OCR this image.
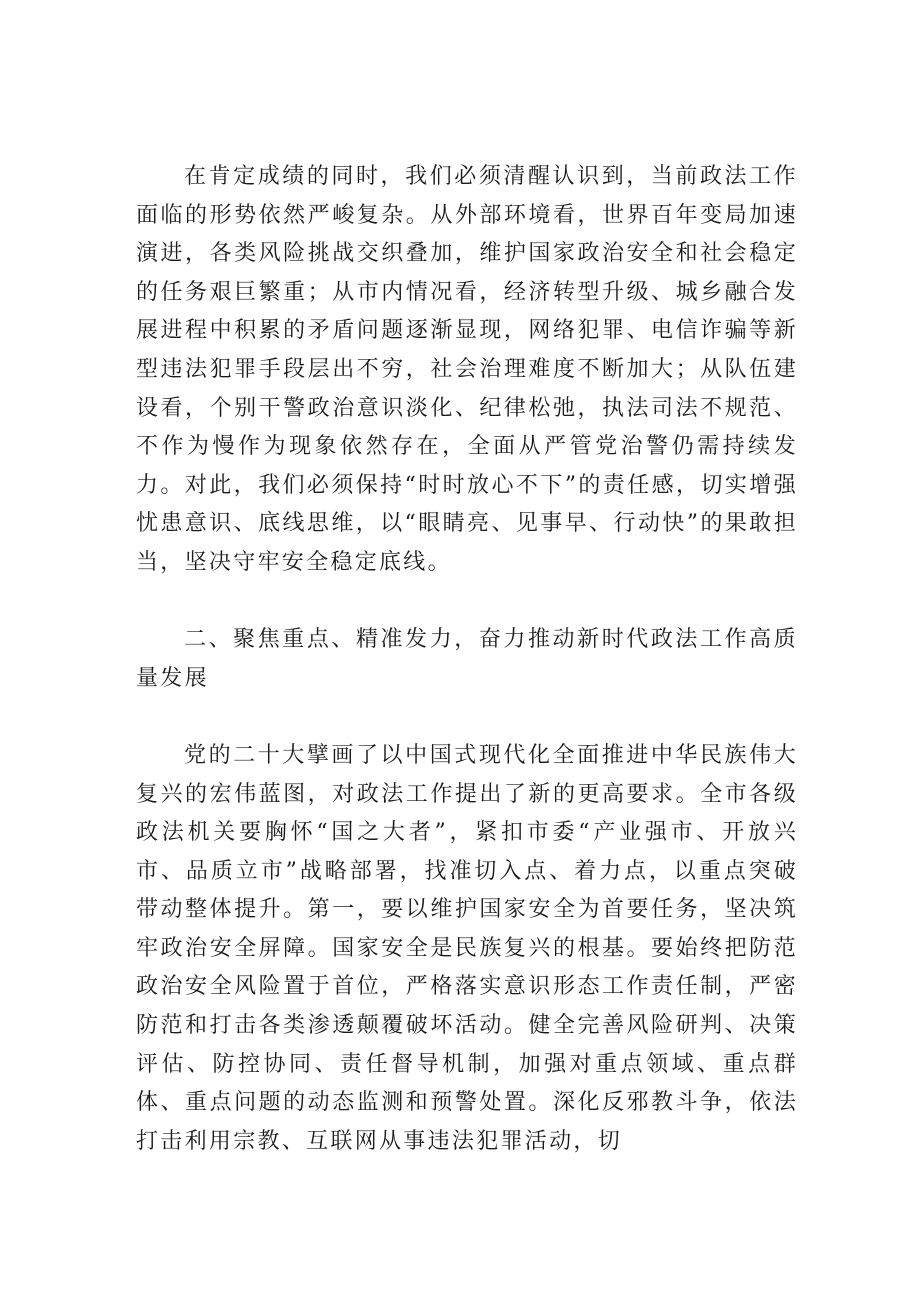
在肯定成绩的同时，我们必须清醒认识到，当前政法工作面临的形势依然严峻复杂。从外部环境看，世界百年变局加速演进，各类风险挑战交织叠加，维护国家政治安全和社会稳定的任务艰巨繁重；从市内情况看，经济转型升级、城乡融合发展进程中积累的矛盾问题逐渐显现，网络犯罪、电信诈骗等新型违法犯罪手段层出不穷，社会治理难度不断加大；从队伍建设看，个别干警政治意识淡化、纪律松弛，执法司法不规范、不作为慢作为现象依然存在，全面从严管党治警仍需持续发力。对此，我们必须保持“时时放心不下”的责任感，切实增强忧患意识、底线思维，以“眼睛亮、见事早、行动快”的果敢担当，坚决守牢安全稳定底线。

二、聚焦重点、精准发力，奋力推动新时代政法工作高质量发展

党的二十大擘画了以中国式现代化全面推进中华民族伟大复兴的宏伟蓝图，对政法工作提出了新的更高要求。全市各级政法机关要胸怀“国之大者”，紧扣市委“产业强市、开放兴市、品质立市”战略部署，找准切入点、着力点，以重点突破带动整体提升。第一，要以维护国家安全为首要任务，坚决筑牢政治安全屏障。国家安全是民族复兴的根基。要始终把防范政治安全风险置于首位，严格落实意识形态工作责任制，严密防范和打击各类渗透颠覆破坏活动。健全完善风险研判、决策评估、防控协同、责任督导机制，加强对重点领域、重点群体、重点问题的动态监测和预警处置。深化反邪教斗争，依法打击利用宗教、互联网从事违法犯罪活动，切
